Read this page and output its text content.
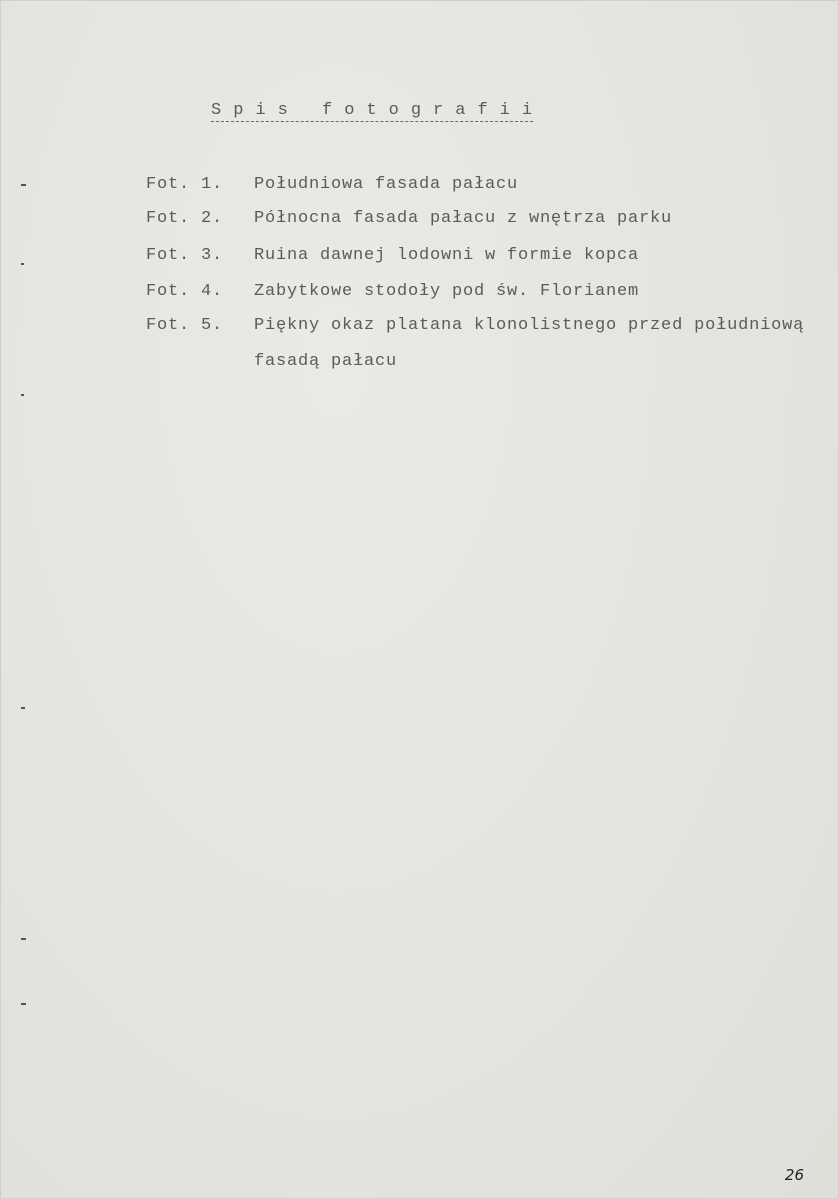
S p i s   f o t o g r a f i i
Fot. 1. Południowa fasada pałacu
Fot. 2. Północna fasada pałacu z wnętrza parku
Fot. 3. Ruina dawnej lodowni w formie kopca
Fot. 4. Zabytkowe stodoły pod św. Florianem
Fot. 5. Piękny okaz platana klonolistnego przed południową
fasadą pałacu
26
